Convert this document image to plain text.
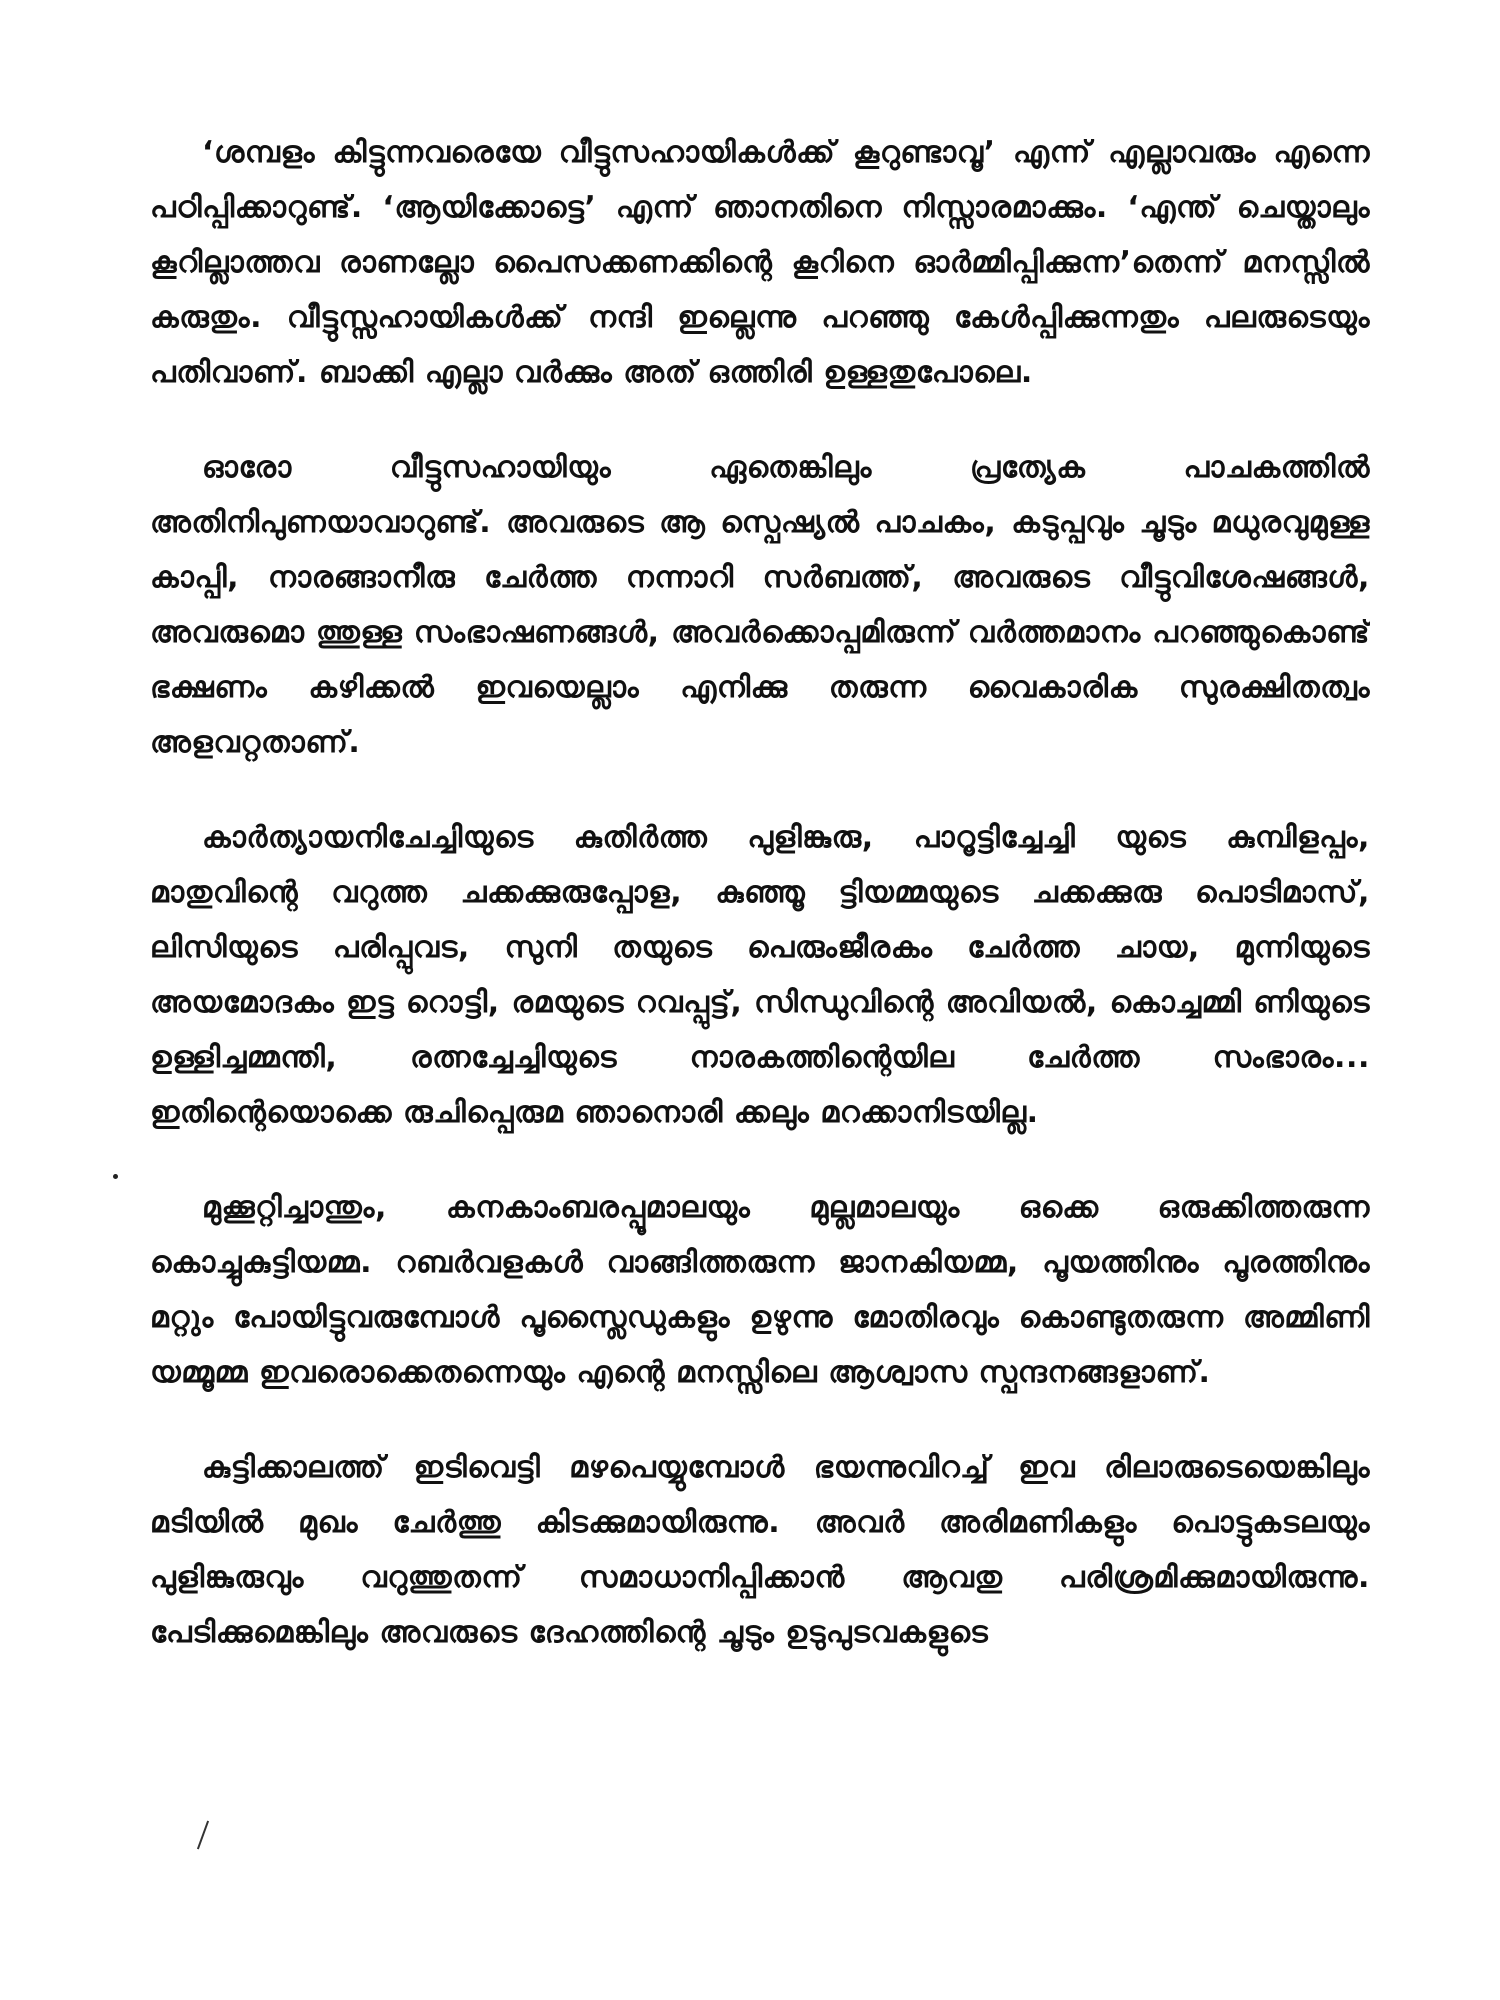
‘ശമ്പളം കിട്ടുന്നവരെയേ വീട്ടുസഹായികൾക്ക് കൂറുണ്ടാവൂ’ എന്ന് എല്ലാവരും എന്നെ പഠിപ്പിക്കാറുണ്ട്. ‘ആയിക്കോട്ടെ’ എന്ന് ഞാനതിനെ നിസ്സാരമാക്കും. ‘എന്ത് ചെയ്താലും കൂറില്ലാത്തവ രാണല്ലോ പൈസക്കണക്കിന്റെ കൂറിനെ ഓർമ്മിപ്പിക്കുന്ന’തെന്ന് മനസ്സിൽ കരുതും. വീട്ടുസ്സഹായികൾക്ക് നന്ദി ഇല്ലെന്നു പറഞ്ഞു കേൾപ്പിക്കുന്നതും പലരുടെയും പതിവാണ്. ബാക്കി എല്ലാ വർക്കും അത് ഒത്തിരി ഉള്ളതുപോലെ.

ഓരോ വീട്ടുസഹായിയും ഏതെങ്കിലും പ്രത്യേക പാചകത്തിൽ അതിനിപുണയാവാറുണ്ട്. അവരുടെ ആ സ്പെഷ്യൽ പാചകം, കടുപ്പവും ചൂടും മധുരവുമുള്ള കാപ്പി, നാരങ്ങാനീരു ചേർത്ത നന്നാറി സർബത്ത്, അവരുടെ വീട്ടുവിശേഷങ്ങൾ, അവരുമൊ ത്തുള്ള സംഭാഷണങ്ങൾ, അവർക്കൊപ്പമിരുന്ന് വർത്തമാനം പറഞ്ഞുകൊണ്ട് ഭക്ഷണം കഴിക്കൽ ഇവയെല്ലാം എനിക്കു തരുന്ന വൈകാരിക സുരക്ഷിതത്വം അളവറ്റതാണ്.

കാർത്യായനിചേച്ചിയുടെ കുതിർത്ത പുളിങ്കുരു, പാറൂട്ടിച്ചേച്ചി യുടെ കുമ്പിളപ്പം, മാതുവിന്റെ വറുത്ത ചക്കക്കുരുപ്പോള, കുഞ്ഞൂ ട്ടിയമ്മയുടെ ചക്കക്കുരു പൊടിമാസ്, ലിസിയുടെ പരിപ്പുവട, സുനി തയുടെ പെരുംജീരകം ചേർത്ത ചായ, മുന്നിയുടെ അയമോദകം ഇട്ട റൊട്ടി, രമയുടെ റവപ്പുട്ട്, സിന്ധുവിന്റെ അവിയൽ, കൊച്ചമ്മി ണിയുടെ ഉള്ളിച്ചമ്മന്തി, രത്നച്ചേച്ചിയുടെ നാരകത്തിന്റെയില ചേർത്ത സംഭാരം... ഇതിന്റെയൊക്കെ രുചിപ്പെരുമ ഞാനൊരി ക്കലും മറക്കാനിടയില്ല.

മുക്കൂറ്റിച്ചാന്തും, കനകാംബരപ്പൂമാലയും മുല്ലമാലയും ഒക്കെ ഒരുക്കിത്തരുന്ന കൊച്ചുകുട്ടിയമ്മ. റബർവളകൾ വാങ്ങിത്തരുന്ന ജാനകിയമ്മ, പൂയത്തിനും പൂരത്തിനും മറ്റും പോയിട്ടുവരുമ്പോൾ പൂസ്ലൈഡുകളും ഉഴുന്നു മോതിരവും കൊണ്ടുതരുന്ന അമ്മിണി യമ്മൂമ്മ ഇവരൊക്കെതന്നെയും എന്റെ മനസ്സിലെ ആശ്വാസ സ്പന്ദനങ്ങളാണ്.

കുട്ടിക്കാലത്ത് ഇടിവെട്ടി മഴപെയ്യുമ്പോൾ ഭയന്നുവിറച്ച് ഇവ രിലാരുടെയെങ്കിലും മടിയിൽ മുഖം ചേർത്തു കിടക്കുമായിരുന്നു. അവർ അരിമണികളും പൊട്ടുകടലയും പുളിങ്കുരുവും വറുത്തുതന്ന് സമാധാനിപ്പിക്കാൻ ആവതു പരിശ്രമിക്കുമായിരുന്നു. പേടിക്കുമെങ്കിലും അവരുടെ ദേഹത്തിന്റെ ചൂടും ഉടുപുടവകളുടെ
